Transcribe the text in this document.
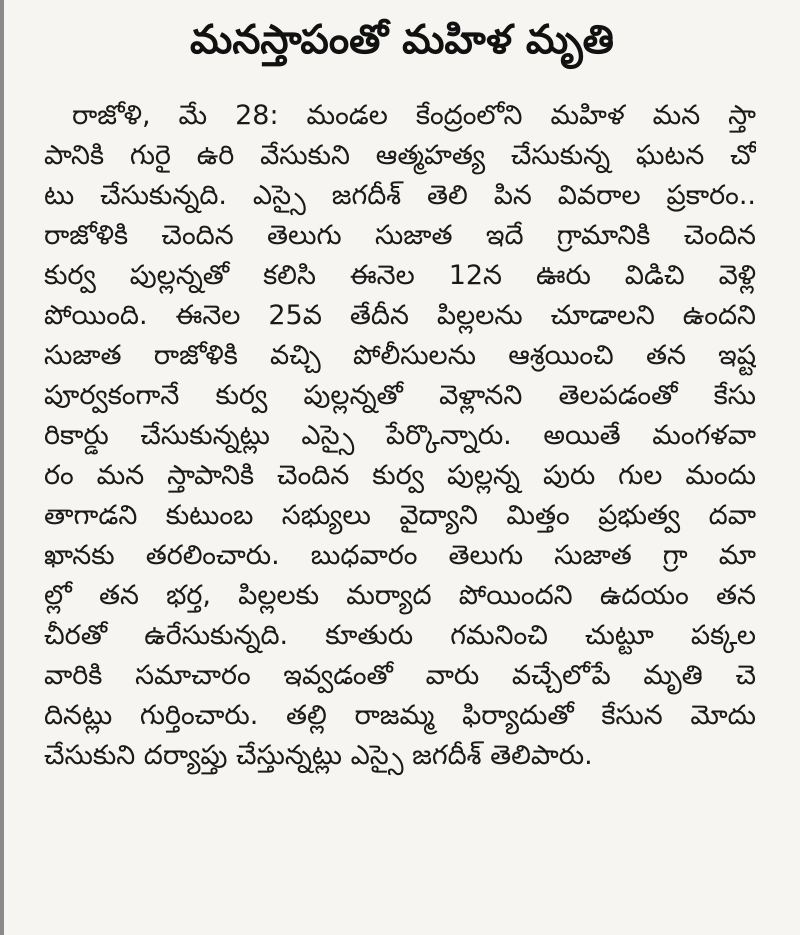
మనస్తాపంతో మహిళ మృతి
రాజోళి, మే 28: మండల కేంద్రంలోని మహిళ మన స్తా
పానికి గురై ఉరి వేసుకుని ఆత్మహత్య చేసుకున్న ఘటన చో
టు చేసుకున్నది. ఎస్సై జగదీశ్ తెలి పిన వివరాల ప్రకారం..
రాజోళికి చెందిన తెలుగు సుజాత ఇదే గ్రామానికి చెందిన
కుర్వ పుల్లన్నతో కలిసి ఈనెల 12న ఊరు విడిచి వెళ్లి
పోయింది. ఈనెల 25వ తేదీన పిల్లలను చూడాలని ఉందని
సుజాత రాజోళికి వచ్చి పోలీసులను ఆశ్రయించి తన ఇష్ట
పూర్వకంగానే కుర్వ పుల్లన్నతో వెళ్లానని తెలపడంతో కేసు
రికార్డు చేసుకున్నట్లు ఎస్సై పేర్కొన్నారు. అయితే మంగళవా
రం మన స్తాపానికి చెందిన కుర్వ పుల్లన్న పురు గుల మందు
తాగాడని కుటుంబ సభ్యులు వైద్యాని మిత్తం ప్రభుత్వ దవా
ఖానకు తరలించారు. బుధవారం తెలుగు సుజాత గ్రా మా
ల్లో తన భర్త, పిల్లలకు మర్యాద పోయిందని ఉదయం తన
చీరతో ఉరేసుకున్నది. కూతురు గమనించి చుట్టూ పక్కల
వారికి సమాచారం ఇవ్వడంతో వారు వచ్చేలోపే మృతి చె
దినట్లు గుర్తించారు. తల్లి రాజమ్మ ఫిర్యాదుతో కేసున మోదు
చేసుకుని దర్యాప్తు చేస్తున్నట్లు ఎస్సై జగదీశ్ తెలిపారు.
